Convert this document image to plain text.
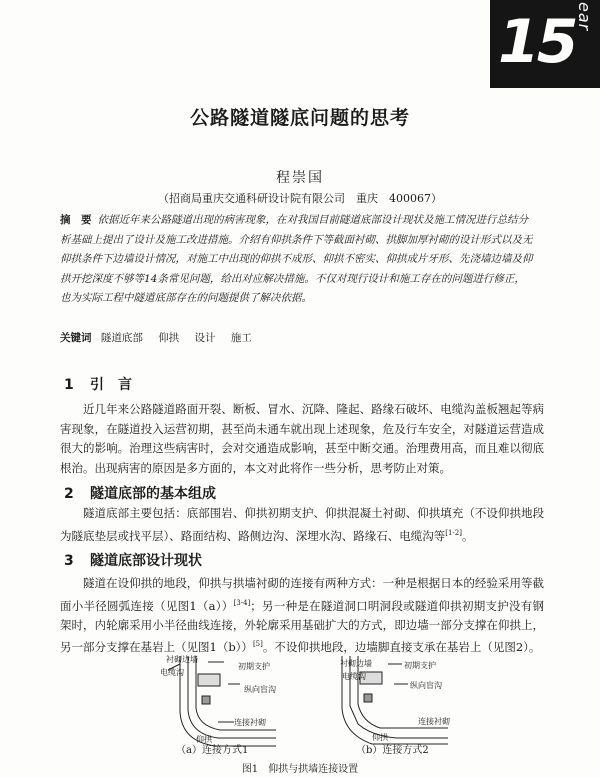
15 ear
公路隧道隧底问题的思考
程崇国
（招商局重庆交通科研设计院有限公司　重庆　400067）
摘　要 依据近年来公路隧道出现的病害现象，在对我国目前隧道底部设计现状及施工情况进行总结分析基础上提出了设计及施工改进措施。介绍有仰拱条件下等截面衬砌、拱脚加厚衬砌的设计形式以及无仰拱条件下边墙设计情况，对施工中出现的仰拱不成形、仰拱不密实、仰拱成片牙形、先浇墙边墙及仰拱开挖深度不够等14条常见问题，给出对应解决措施。不仅对现行设计和施工存在的问题进行修正，也为实际工程中隧道底部存在的问题提供了解决依据。
关键词 隧道底部 仰拱 设计 施工
1 引　言
近几年来公路隧道路面开裂、断板、冒水、沉降、隆起、路缘石破坏、电缆沟盖板翘起等病害现象，在隧道投入运营初期，甚至尚未通车就出现上述现象，危及行车安全，对隧道运营造成很大的影响。治理这些病害时，会对交通造成影响，甚至中断交通。治理费用高，而且难以彻底根治。出现病害的原因是多方面的，本文对此将作一些分析，思考防止对策。
2 隧道底部的基本组成
隧道底部主要包括：底部围岩、仰拱初期支护、仰拱混凝土衬砌、仰拱填充（不设仰拱地段为隧底垫层或找平层）、路面结构、路侧边沟、深埋水沟、路缘石、电缆沟等[1-2]。
3 隧道底部设计现状
隧道在设仰拱的地段，仰拱与拱墙衬砌的连接有两种方式：一种是根据日本的经验采用等截面小半径圆弧连接（见图1（a））[3-4]；另一种是在隧道洞口明洞段或隧道仰拱初期支护没有钢架时，内轮廓采用小半径曲线连接，外轮廓采用基础扩大的方式，即边墙一部分支撑在仰拱上，另一部分支撑在基岩上（见图1（b））[5]。不设仰拱地段，边墙脚直接支承在基岩上（见图2）。
衬砌边墙
电缆沟
初期支护
纵向盲沟
连接衬砌
仰拱
（a）连接方式1
衬砌边墙
电缆沟
初期支护
纵向盲沟
连接衬砌
仰拱
（b）连接方式2
图1　仰拱与拱墙连接设置
